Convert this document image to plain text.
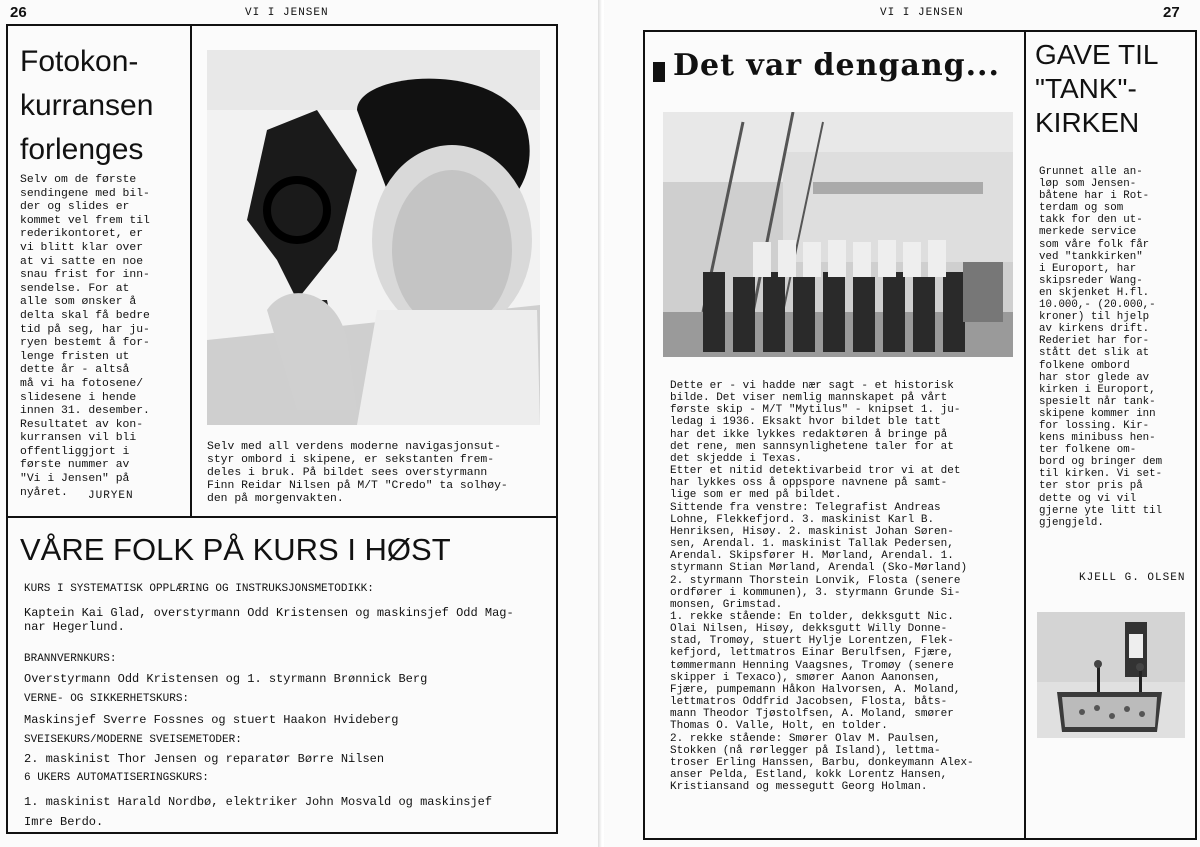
26	VI I JENSEN
Fotokon-
kurransen
forlenges
Selv om de første
sendingene med bil-
der og slides er
kommet vel frem til
rederikontoret, er
vi blitt klar over
at vi satte en noe
snau frist for inn-
sendelse. For at
alle som ønsker å
delta skal få bedre
tid på seg, har ju-
ryen bestemt å for-
lenge fristen ut
dette år - altså
må vi ha fotosene/
slidesene i hende
innen 31. desember.
Resultatet av kon-
kurransen vil bli
offentliggjort i
første nummer av
"Vi i Jensen" på
nyåret.	JURYEN
Selv med all verdens moderne navigasjonsut-
styr ombord i skipene, er sekstanten frem-
deles i bruk. På bildet sees overstyrmann
Finn Reidar Nilsen på M/T "Credo" ta solhøy-
den på morgenvakten.
VÅRE FOLK PÅ KURS I HØST
KURS I SYSTEMATISK OPPLÆRING OG INSTRUKSJONSMETODIKK:
Kaptein Kai Glad, overstyrmann Odd Kristensen og maskinsjef Odd Mag-
nar Hegerlund.
BRANNVERNKURS:
Overstyrmann Odd Kristensen og 1. styrmann Brønnick Berg
VERNE- OG SIKKERHETSKURS:
Maskinsjef Sverre Fossnes og stuert Haakon Hvideberg
SVEISEKURS/MODERNE SVEISEMETODER:
2. maskinist Thor Jensen og reparatør Børre Nilsen
6 UKERS AUTOMATISERINGSKURS:
1. maskinist Harald Nordbø, elektriker John Mosvald og maskinsjef
Imre Berdo.
VI I JENSEN	27
Det var dengang...
Dette er - vi hadde nær sagt - et historisk
bilde. Det viser nemlig mannskapet på vårt
første skip - M/T "Mytilus" - knipset 1. ju-
ledag i 1936. Eksakt hvor bildet ble tatt
har det ikke lykkes redaktøren å bringe på
det rene, men sannsynlighetene taler for at
det skjedde i Texas.
Etter et nitid detektivarbeid tror vi at det
har lykkes oss å oppspore navnene på samt-
lige som er med på bildet.
Sittende fra venstre: Telegrafist Andreas
Lohne, Flekkefjord. 3. maskinist Karl B.
Henriksen, Hisøy. 2. maskinist Johan Søren-
sen, Arendal. 1. maskinist Tallak Pedersen,
Arendal. Skipsfører H. Mørland, Arendal. 1.
styrmann Stian Mørland, Arendal (Sko-Mørland)
2. styrmann Thorstein Lonvik, Flosta (senere
ordfører i kommunen), 3. styrmann Grunde Si-
monsen, Grimstad.
1. rekke stående: En tolder, dekksgutt Nic.
Olai Nilsen, Hisøy, dekksgutt Willy Donne-
stad, Tromøy, stuert Hylje Lorentzen, Flek-
kefjord, lettmatros Einar Berulfsen, Fjære,
tømmermann Henning Vaagsnes, Tromøy (senere
skipper i Texaco), smører Aanon Aanonsen,
Fjære, pumpemann Håkon Halvorsen, A. Moland,
lettmatros Oddfrid Jacobsen, Flosta, båts-
mann Theodor Tjøstolfsen, A. Moland, smører
Thomas O. Valle, Holt, en tolder.
2. rekke stående: Smører Olav M. Paulsen,
Stokken (nå rørlegger på Island), lettma-
troser Erling Hanssen, Barbu, donkeymann Alex-
anser Pelda, Estland, kokk Lorentz Hansen,
Kristiansand og messegutt Georg Holman.
GAVE TIL
"TANK"-
KIRKEN
Grunnet alle an-
løp som Jensen-
båtene har i Rot-
terdam og som
takk for den ut-
merkede service
som våre folk får
ved "tankkirken"
i Europort, har
skipsreder Wang-
en skjenket H.fl.
10.000,- (20.000,-
kroner) til hjelp
av kirkens drift.
Rederiet har for-
stått det slik at
folkene ombord
har stor glede av
kirken i Europort,
spesielt når tank-
skipene kommer inn
for lossing. Kir-
kens minibuss hen-
ter folkene om-
bord og bringer dem
til kirken. Vi set-
ter stor pris på
dette og vi vil
gjerne yte litt til
gjengjeld.
KJELL G. OLSEN
